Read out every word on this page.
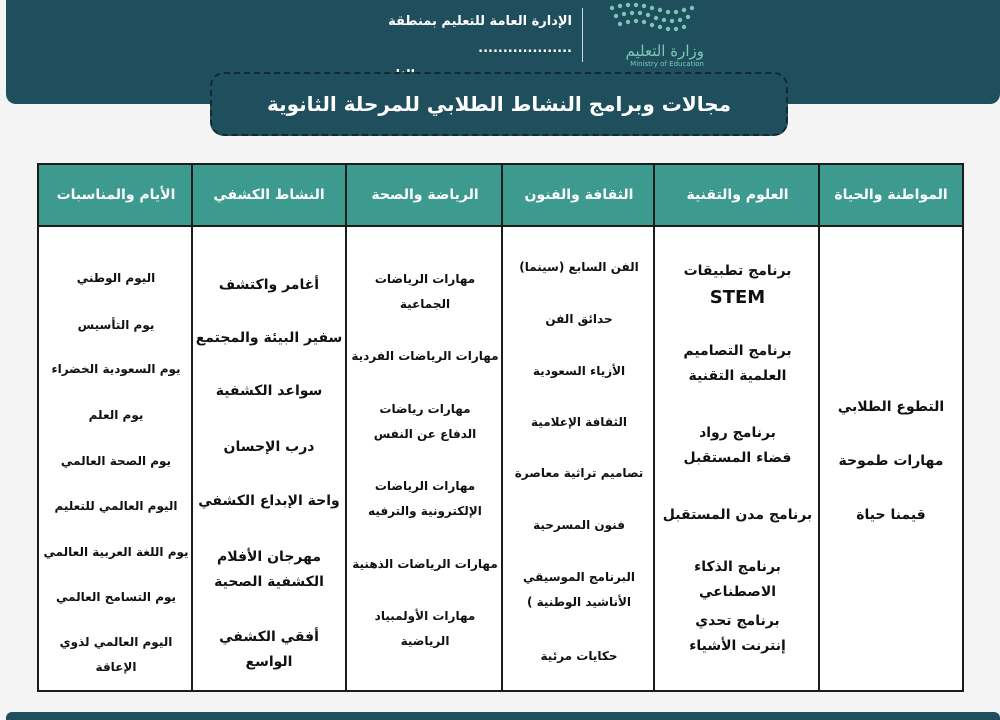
الإدارة العامة للتعليم بمنطقة ...................	وزارة التعليم
Ministry of Education
مجالات وبرامج النشاط الطلابي للمرحلة الثانوية
الأيام والمناسبات
اليوم الوطني
يوم التأسيس
يوم السعودية الخضراء
يوم العلم
يوم الصحة العالمي
اليوم العالمي للتعليم
يوم اللغة العربية العالمي
يوم التسامح العالمي
اليوم العالمي لذوي الإعاقة
النشاط الكشفي
أغامر واكتشف
سفير البيئة والمجتمع
سواعد الكشفية
درب الإحسان
واحة الإبداع الكشفي
مهرجان الأفلام الكشفية الصحية
أفقي الكشفي الواسع
الرياضة والصحة
مهارات الرياضات الجماعية
مهارات الرياضات الفردية
مهارات رياضات الدفاع عن النفس
مهارات الرياضات الإلكترونية والترفيه
مهارات الرياضات الذهنية
مهارات الأولمبياد الرياضية
الثقافة والفنون
الفن السابع (سينما)
حدائق الفن
الأزياء السعودية
الثقافة الإعلامية
تصاميم تراثية معاصرة
فنون المسرحية
البرنامج الموسيقي الأناشيد الوطنية )
حكايات مرئية
العلوم والتقنية
برنامج تطبيقات
STEM
برنامج التصاميم العلمية التقنية
برنامج رواد فضاء المستقبل
برنامج مدن المستقبل
برنامج الذكاء الاصطناعي
برنامج تحدي إنترنت الأشياء
المواطنة والحياة
التطوع الطلابي
مهارات طموحة
قيمنا حياة
